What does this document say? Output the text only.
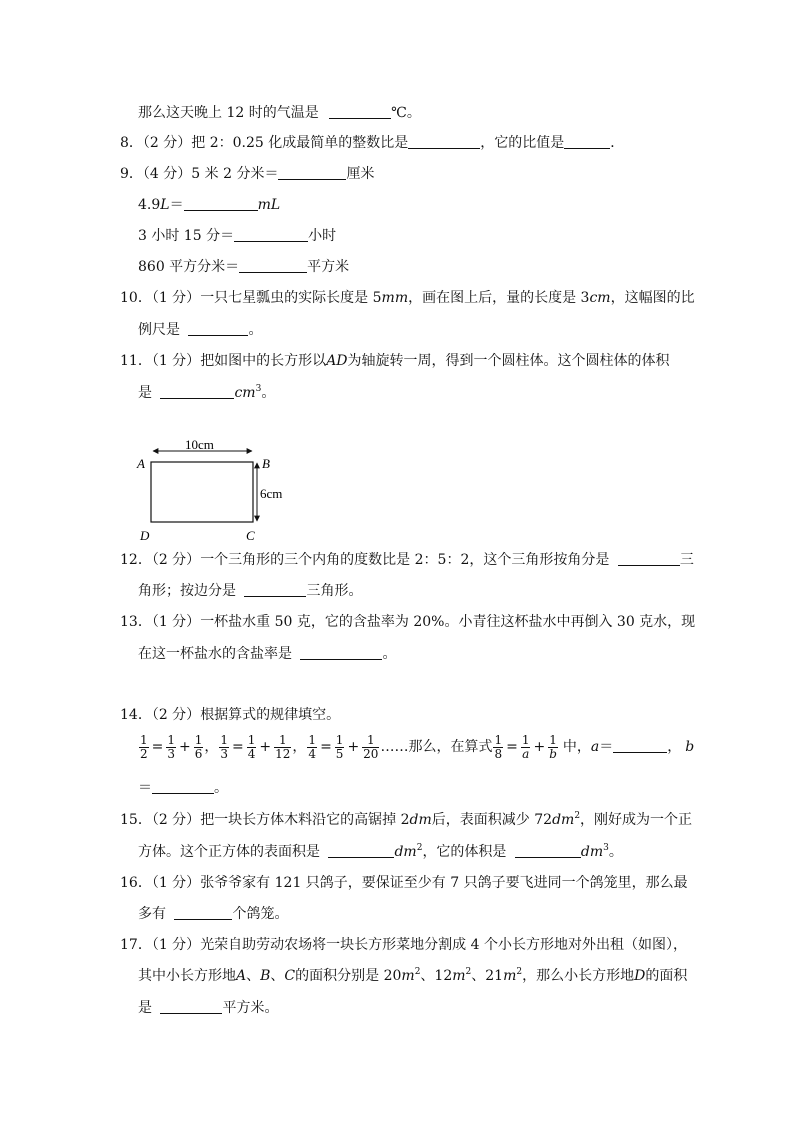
那么这天晚上 12 时的气温是	℃。
8．（2 分）把 2：0.25 化成最简单的整数比是	，它的比值是	．
9．（4 分）5 米 2 分米＝	厘米
4.9L＝	mL
3 小时 15 分＝	小时
860 平方分米＝	平方米
10．（1 分）一只七星瓢虫的实际长度是 5mm，画在图上后，量的长度是 3cm，这幅图的比
例尺是	。
11．（1 分）把如图中的长方形以AD为轴旋转一周，得到一个圆柱体。这个圆柱体的体积
是	$cm^3$。
10cm
6cm
A	B
C
D
12．（2 分）一个三角形的三个内角的度数比是 2：5：2，这个三角形按角分是	三
角形；按边分是	三角形。
13．（1 分）一杯盐水重 50 克，它的含盐率为 20%。小青往这杯盐水中再倒入 30 克水，现
在这一杯盐水的含盐率是	。
14．（2 分）根据算式的规律填空。
$\frac{1}{2} = \frac{1}{3} + \frac{1}{6}$ ， $\frac{1}{3} = \frac{1}{4} + \frac{1}{12}$ ， $\frac{1}{4} = \frac{1}{5} + \frac{1}{20}$ ……那么，在算式 $\frac{1}{8} = \frac{1}{a} + \frac{1}{b}$ 中，a＝	， b
＝	。
15．（2 分）把一块长方体木料沿它的高锯掉 2dm后，表面积减少 $72dm^2$，刚好成为一个正
方体。这个正方体的表面积是	$dm^2$，它的体积是	$dm^3$。
16．（1 分）张爷爷家有 121 只鸽子，要保证至少有 7 只鸽子要飞进同一个鸽笼里，那么最
多有	个鸽笼。
17．（1 分）光荣自助劳动农场将一块长方形菜地分割成 4 个小长方形地对外出租（如图），
其中小长方形地A、B、C的面积分别是 $20m^2$、$12m^2$、$21m^2$，那么小长方形地D的面积
是	平方米。
